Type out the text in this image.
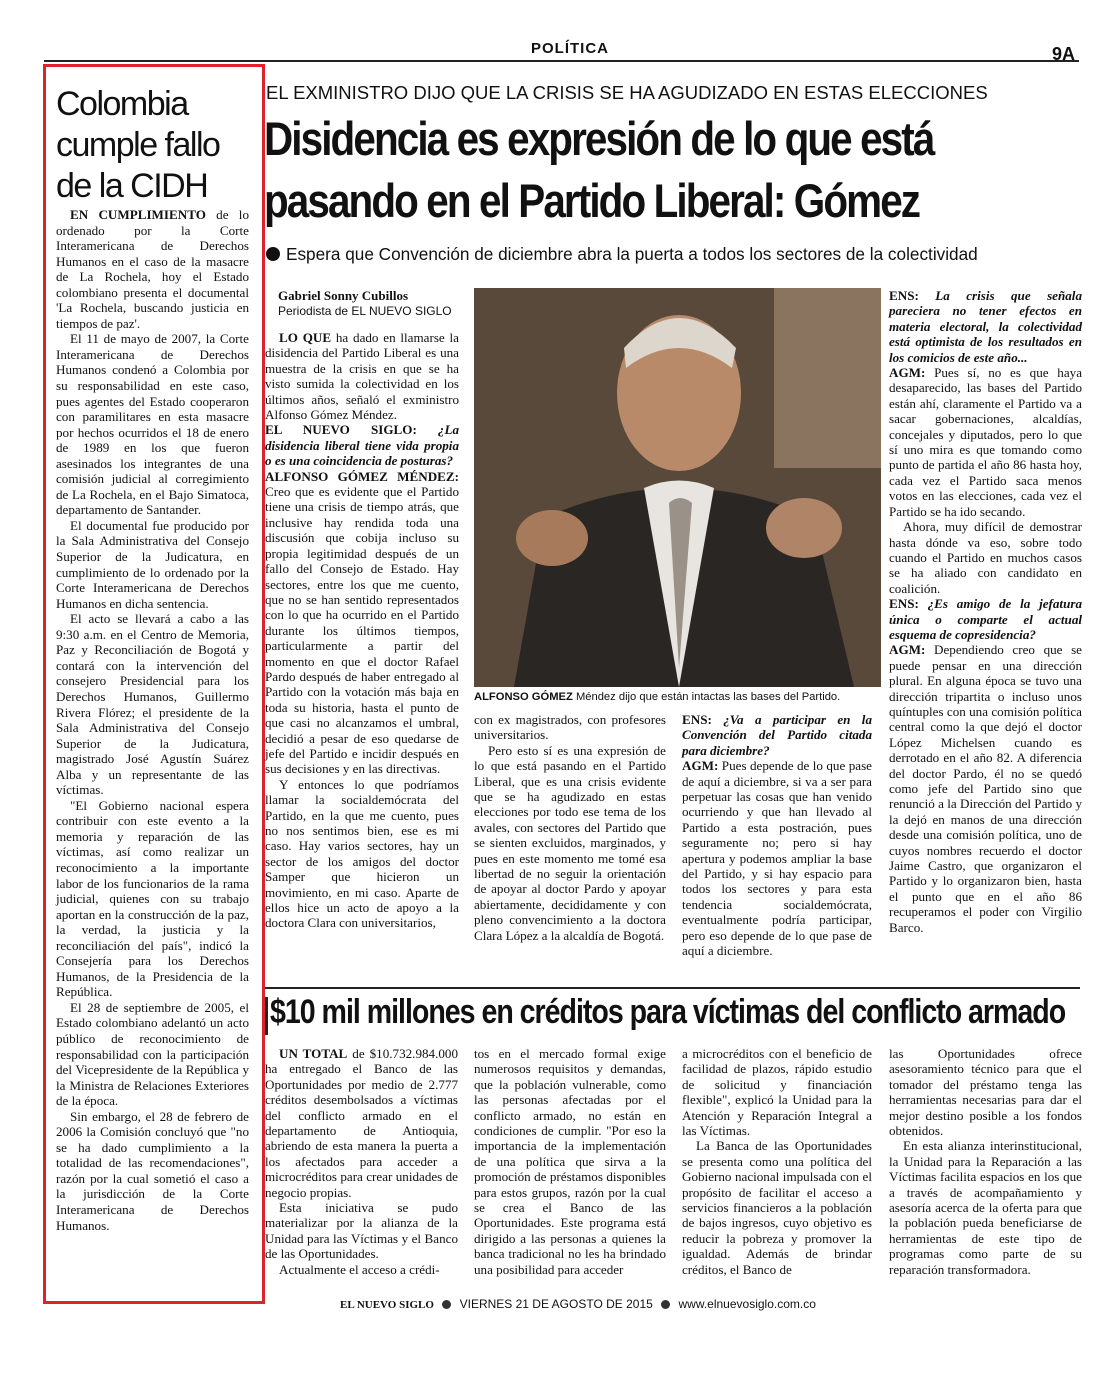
POLÍTICA	9A
Colombia cumple fallo de la CIDH

EN CUMPLIMIENTO de lo ordenado por la Corte Interamericana de Derechos Humanos en el caso de la masacre de La Rochela, hoy el Estado colombiano presenta el documental 'La Rochela, buscando justicia en tiempos de paz'.

El 11 de mayo de 2007, la Corte Interamericana de Derechos Humanos condenó a Colombia por su responsabilidad en este caso, pues agentes del Estado cooperaron con paramilitares en esta masacre por hechos ocurridos el 18 de enero de 1989 en los que fueron asesinados los integrantes de una comisión judicial al corregimiento de La Rochela, en el Bajo Simatoca, departamento de Santander.

El documental fue producido por la Sala Administrativa del Consejo Superior de la Judicatura, en cumplimiento de lo ordenado por la Corte Interamericana de Derechos Humanos en dicha sentencia.

El acto se llevará a cabo a las 9:30 a.m. en el Centro de Memoria, Paz y Reconciliación de Bogotá y contará con la intervención del consejero Presidencial para los Derechos Humanos, Guillermo Rivera Flórez; el presidente de la Sala Administrativa del Consejo Superior de la Judicatura, magistrado José Agustín Suárez Alba y un representante de las víctimas.

"El Gobierno nacional espera contribuir con este evento a la memoria y reparación de las víctimas, así como realizar un reconocimiento a la importante labor de los funcionarios de la rama judicial, quienes con su trabajo aportan en la construcción de la paz, la verdad, la justicia y la reconciliación del país", indicó la Consejería para los Derechos Humanos, de la Presidencia de la República.

El 28 de septiembre de 2005, el Estado colombiano adelantó un acto público de reconocimiento de responsabilidad con la participación del Vicepresidente de la República y la Ministra de Relaciones Exteriores de la época.

Sin embargo, el 28 de febrero de 2006 la Comisión concluyó que "no se ha dado cumplimiento a la totalidad de las recomendaciones", razón por la cual sometió el caso a la jurisdicción de la Corte Interamericana de Derechos Humanos.

EL EXMINISTRO DIJO QUE LA CRISIS SE HA AGUDIZADO EN ESTAS ELECCIONES
Disidencia es expresión de lo que está pasando en el Partido Liberal: Gómez
Espera que Convención de diciembre abra la puerta a todos los sectores de la colectividad
Gabriel Sonny Cubillos
Periodista de EL NUEVO SIGLO
ALFONSO GÓMEZ Méndez dijo que están intactas las bases del Partido.

LO QUE ha dado en llamarse la disidencia del Partido Liberal es una muestra de la crisis en que se ha visto sumida la colectividad en los últimos años, señaló el exministro Alfonso Gómez Méndez.

EL NUEVO SIGLO: ¿La disidencia liberal tiene vida propia o es una coincidencia de posturas?

ALFONSO GÓMEZ MÉNDEZ: Creo que es evidente que el Partido tiene una crisis de tiempo atrás, que inclusive hay rendida toda una discusión que cobija incluso su propia legitimidad después de un fallo del Consejo de Estado. Hay sectores, entre los que me cuento, que no se han sentido representados con lo que ha ocurrido en el Partido durante los últimos tiempos, particularmente a partir del momento en que el doctor Rafael Pardo después de haber entregado al Partido con la votación más baja en toda su historia, hasta el punto de que casi no alcanzamos el umbral, decidió a pesar de eso quedarse de jefe del Partido e incidir después en sus decisiones y en las directivas.

Y entonces lo que podríamos llamar la socialdemócrata del Partido, en la que me cuento, pues no nos sentimos bien, ese es mi caso. Hay varios sectores, hay un sector de los amigos del doctor Samper que hicieron un movimiento, en mi caso. Aparte de ellos hice un acto de apoyo a la doctora Clara con universitarios,

con ex magistrados, con profesores universitarios.

Pero esto sí es una expresión de lo que está pasando en el Partido Liberal, que es una crisis evidente que se ha agudizado en estas elecciones por todo ese tema de los avales, con sectores del Partido que se sienten excluidos, marginados, y pues en este momento me tomé esa libertad de no seguir la orientación de apoyar al doctor Pardo y apoyar abiertamente, decididamente y con pleno convencimiento a la doctora Clara López a la alcaldía de Bogotá.

ENS: ¿Va a participar en la Convención del Partido citada para diciembre?

AGM: Pues depende de lo que pase de aquí a diciembre, si va a ser para perpetuar las cosas que han venido ocurriendo y que han llevado al Partido a esta postración, pues seguramente no; pero si hay apertura y podemos ampliar la base del Partido, y si hay espacio para todos los sectores y para esta tendencia socialdemócrata, eventualmente podría participar, pero eso depende de lo que pase de aquí a diciembre.

ENS: La crisis que señala pareciera no tener efectos en materia electoral, la colectividad está optimista de los resultados en los comicios de este año...

AGM: Pues sí, no es que haya desaparecido, las bases del Partido están ahí, claramente el Partido va a sacar gobernaciones, alcaldías, concejales y diputados, pero lo que sí uno mira es que tomando como punto de partida el año 86 hasta hoy, cada vez el Partido saca menos votos en las elecciones, cada vez el Partido se ha ido secando.

Ahora, muy difícil de demostrar hasta dónde va eso, sobre todo cuando el Partido en muchos casos se ha aliado con candidato en coalición.

ENS: ¿Es amigo de la jefatura única o comparte el actual esquema de copresidencia?

AGM: Dependiendo creo que se puede pensar en una dirección plural. En alguna época se tuvo una dirección tripartita o incluso unos quíntuples con una comisión política central como la que dejó el doctor López Michelsen cuando es derrotado en el año 82. A diferencia del doctor Pardo, él no se quedó como jefe del Partido sino que renunció a la Dirección del Partido y la dejó en manos de una dirección desde una comisión política, uno de cuyos nombres recuerdo el doctor Jaime Castro, que organizaron el Partido y lo organizaron bien, hasta el punto que en el año 86 recuperamos el poder con Virgilio Barco.

$10 mil millones en créditos para víctimas del conflicto armado

UN TOTAL de $10.732.984.000 ha entregado el Banco de las Oportunidades por medio de 2.777 créditos desembolsados a víctimas del conflicto armado en el departamento de Antioquia, abriendo de esta manera la puerta a los afectados para acceder a microcréditos para crear unidades de negocio propias.

Esta iniciativa se pudo materializar por la alianza de la Unidad para las Víctimas y el Banco de las Oportunidades.

Actualmente el acceso a crédi-

tos en el mercado formal exige numerosos requisitos y demandas, que la población vulnerable, como las personas afectadas por el conflicto armado, no están en condiciones de cumplir. "Por eso la importancia de la implementación de una política que sirva a la promoción de préstamos disponibles para estos grupos, razón por la cual se crea el Banco de las Oportunidades. Este programa está dirigido a las personas a quienes la banca tradicional no les ha brindado una posibilidad para acceder

a microcréditos con el beneficio de facilidad de plazos, rápido estudio de solicitud y financiación flexible", explicó la Unidad para la Atención y Reparación Integral a las Víctimas.

La Banca de las Oportunidades se presenta como una política del Gobierno nacional impulsada con el propósito de facilitar el acceso a servicios financieros a la población de bajos ingresos, cuyo objetivo es reducir la pobreza y promover la igualdad. Además de brindar créditos, el Banco de

las Oportunidades ofrece asesoramiento técnico para que el tomador del préstamo tenga las herramientas necesarias para dar el mejor destino posible a los fondos obtenidos.

En esta alianza interinstitucional, la Unidad para la Reparación a las Víctimas facilita espacios en los que a través de acompañamiento y asesoría acerca de la oferta para que la población pueda beneficiarse de herramientas de este tipo de programas como parte de su reparación transformadora.

EL NUEVO SIGLO VIERNES 21 DE AGOSTO DE 2015 www.elnuevosiglo.com.co
